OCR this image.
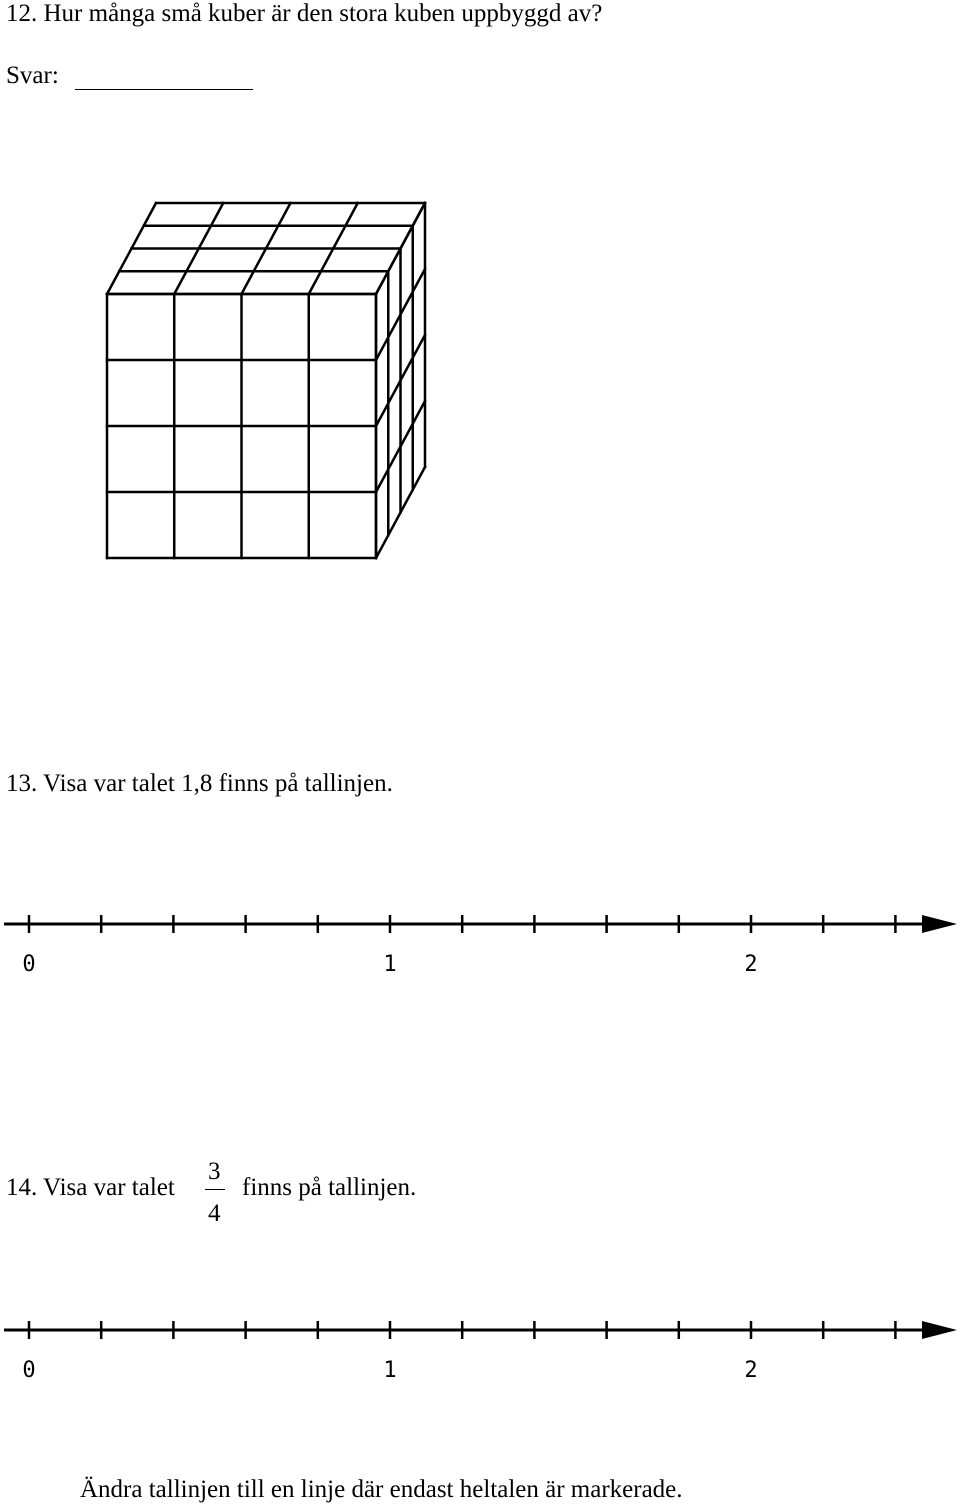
12. Hur många små kuber är den stora kuben uppbyggd av?
Svar:
13. Visa var talet 1,8 finns på tallinjen.
0	1	2
14. Visa var talet
3
4
finns på tallinjen.
0	1	2
Ändra tallinjen till en linje där endast heltalen är markerade.
